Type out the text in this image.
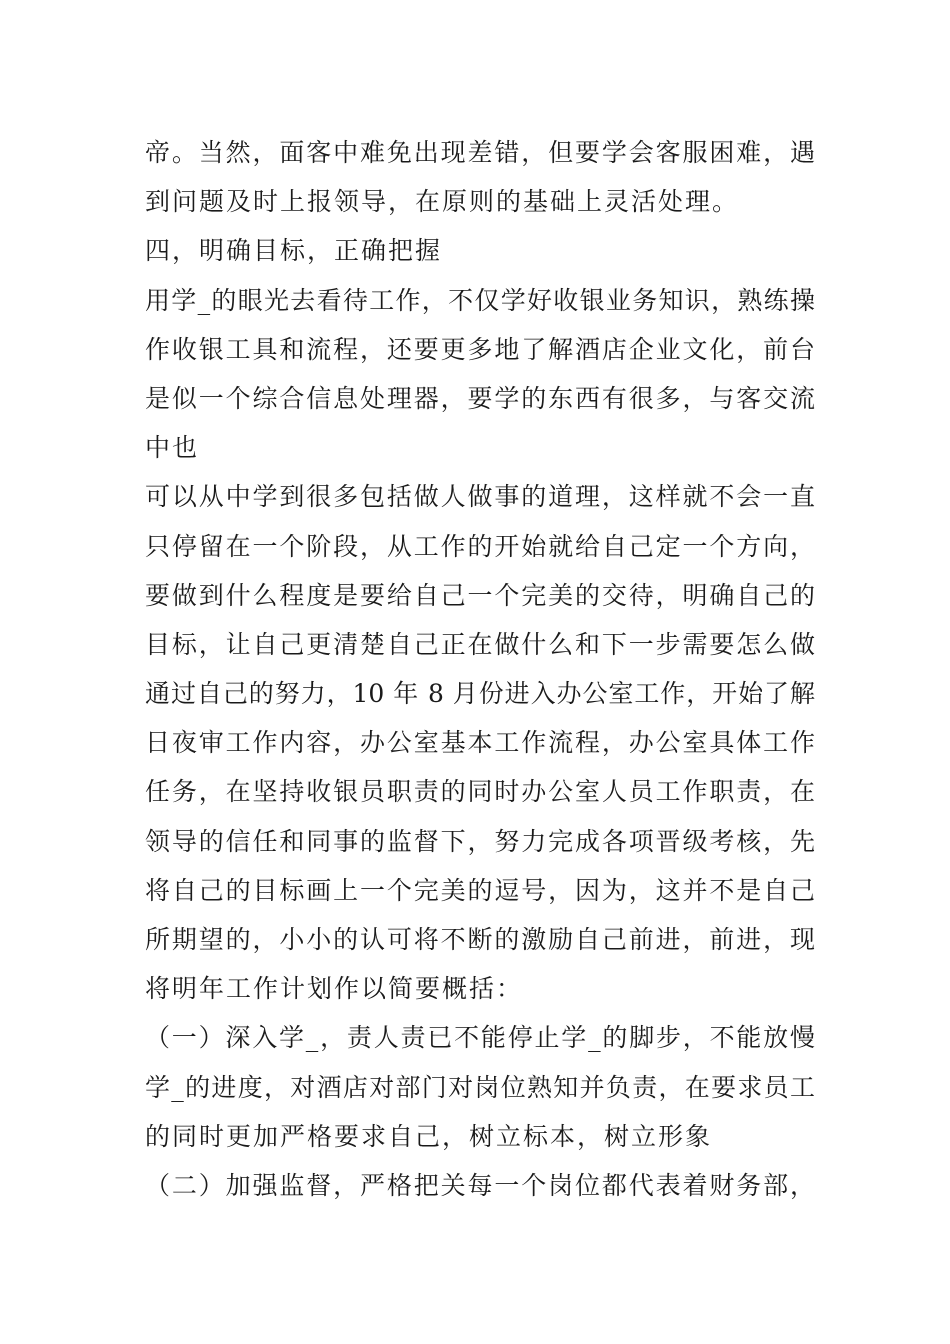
帝。当然，面客中难免出现差错，但要学会客服困难，遇
到问题及时上报领导，在原则的基础上灵活处理。
四，明确目标，正确把握
用学_的眼光去看待工作，不仅学好收银业务知识，熟练操
作收银工具和流程，还要更多地了解酒店企业文化，前台
是似一个综合信息处理器，要学的东西有很多，与客交流
中也
可以从中学到很多包括做人做事的道理，这样就不会一直
只停留在一个阶段，从工作的开始就给自己定一个方向，
要做到什么程度是要给自己一个完美的交待，明确自己的
目标，让自己更清楚自己正在做什么和下一步需要怎么做
通过自己的努力，10 年 8 月份进入办公室工作，开始了解
日夜审工作内容，办公室基本工作流程，办公室具体工作
任务，在坚持收银员职责的同时办公室人员工作职责，在
领导的信任和同事的监督下，努力完成各项晋级考核，先
将自己的目标画上一个完美的逗号，因为，这并不是自己
所期望的，小小的认可将不断的激励自己前进，前进，现
将明年工作计划作以简要概括：
（一）深入学_，责人责已不能停止学_的脚步，不能放慢
学_的进度，对酒店对部门对岗位熟知并负责，在要求员工
的同时更加严格要求自己，树立标本，树立形象
（二）加强监督，严格把关每一个岗位都代表着财务部，
